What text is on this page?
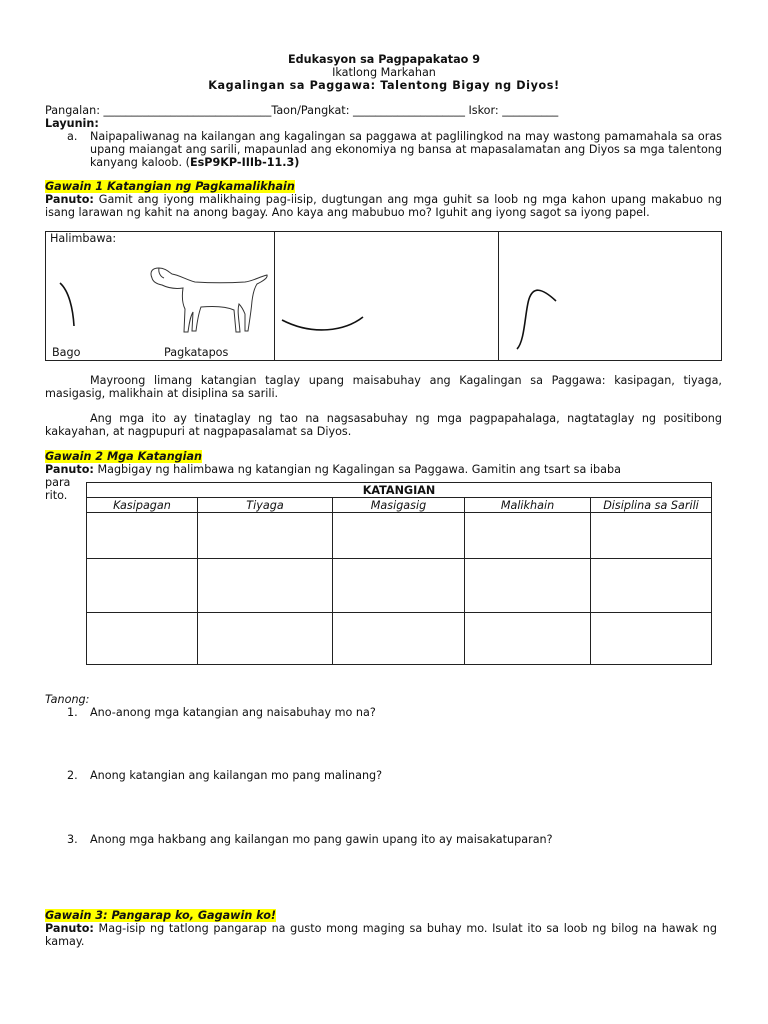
Edukasyon sa Pagpapakatao 9
Ikatlong Markahan
Kagalingan sa Paggawa: Talentong Bigay ng Diyos!
Pangalan: ______________________________Taon/Pangkat: ____________________ Iskor: __________
Layunin:
a. Naipapaliwanag na kailangan ang kagalingan sa paggawa at paglilingkod na may wastong pamamahala sa oras upang maiangat ang sarili, mapaunlad ang ekonomiya ng bansa at mapasalamatan ang Diyos sa mga talentong kanyang kaloob. (EsP9KP-IIIb-11.3)
Gawain 1 Katangian ng Pagkamalikhain
Panuto: Gamit ang iyong malikhaing pag-iisip, dugtungan ang mga guhit sa loob ng mga kahon upang makabuo ng isang larawan ng kahit na anong bagay. Ano kaya ang mabubuo mo? Iguhit ang iyong sagot sa iyong papel.
Halimbawa:
Bago	Pagkatapos
Mayroong limang katangian taglay upang maisabuhay ang Kagalingan sa Paggawa: kasipagan, tiyaga, masigasig, malikhain at disiplina sa sarili.
Ang mga ito ay tinataglay ng tao na nagsasabuhay ng mga pagpapahalaga, nagtataglay ng positibong kakayahan, at nagpupuri at nagpapasalamat sa Diyos.
Gawain 2 Mga Katangian
Panuto: Magbigay ng halimbawa ng katangian ng Kagalingan sa Paggawa. Gamitin ang tsart sa ibaba
para rito.	KATANGIAN				
Kasipagan	Tiyaga	Masigasig	Malikhain	Disiplina sa Sarili

Tanong:
1. Ano-anong mga katangian ang naisabuhay mo na?
2. Anong katangian ang kailangan mo pang malinang?
3. Anong mga hakbang ang kailangan mo pang gawin upang ito ay maisakatuparan?
Gawain 3: Pangarap ko, Gagawin ko!
Panuto: Mag-isip ng tatlong pangarap na gusto mong maging sa buhay mo. Isulat ito sa loob ng bilog na hawak ng kamay.
